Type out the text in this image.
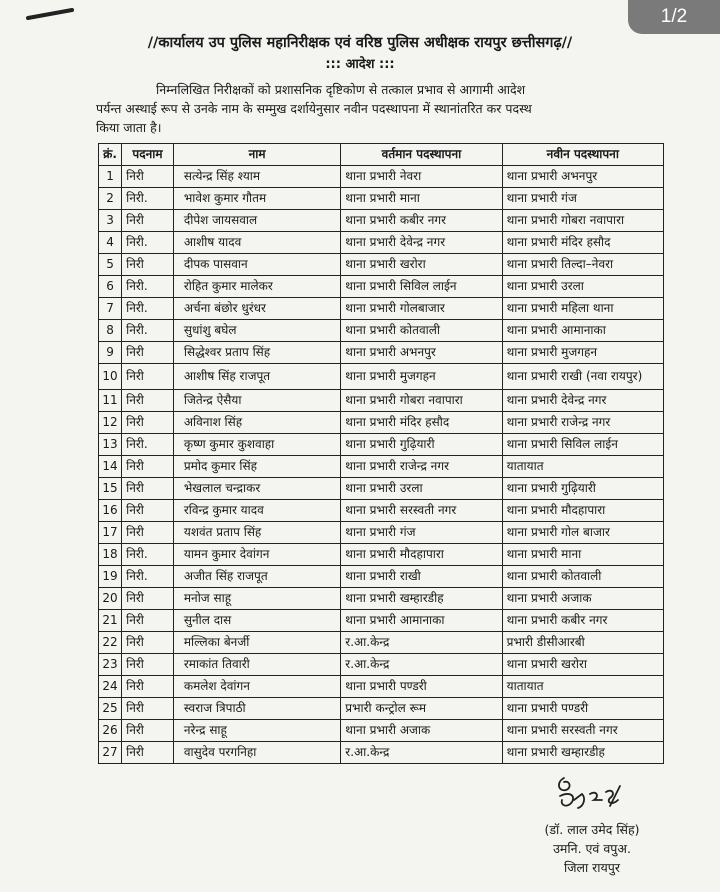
1/2
//कार्यालय उप पुलिस महानिरीक्षक एवं वरिष्ठ पुलिस अधीक्षक रायपुर छत्तीसगढ़//
::: आदेश :::
निम्नलिखित निरीक्षकों को प्रशासनिक दृष्टिकोण से तत्काल प्रभाव से आगामी आदेश
पर्यन्त अस्थाई रूप से उनके नाम के सम्मुख दर्शायेनुसार नवीन पदस्थापना में स्थानांतरित कर पदस्थ
किया जाता है।
क्रं.	पदनाम	नाम	वर्तमान पदस्थापना	नवीन पदस्थापना
1	निरी	सत्येन्द्र सिंह श्याम	थाना प्रभारी नेवरा	थाना प्रभारी अभनपुर
2	निरी.	भावेश कुमार गौतम	थाना प्रभारी माना	थाना प्रभारी गंज
3	निरी	दीपेश जायसवाल	थाना प्रभारी कबीर नगर	थाना प्रभारी गोबरा नवापारा
4	निरी.	आशीष यादव	थाना प्रभारी देवेन्द्र नगर	थाना प्रभारी मंदिर हसौद
5	निरी	दीपक पासवान	थाना प्रभारी खरोरा	थाना प्रभारी तिल्दा–नेवरा
6	निरी.	रोहित कुमार मालेकर	थाना प्रभारी सिविल लाईन	थाना प्रभारी उरला
7	निरी.	अर्चना बंछोर धुरंधर	थाना प्रभारी गोलबाजार	थाना प्रभारी महिला थाना
8	निरी.	सुधांशु बघेल	थाना प्रभारी कोतवाली	थाना प्रभारी आमानाका
9	निरी	सिद्धेश्वर प्रताप सिंह	थाना प्रभारी अभनपुर	थाना प्रभारी मुजगहन
10	निरी	आशीष सिंह राजपूत	थाना प्रभारी मुजगहन	थाना प्रभारी राखी (नवा रायपुर)
11	निरी	जितेन्द्र ऐसैया	थाना प्रभारी गोबरा नवापारा	थाना प्रभारी देवेन्द्र नगर
12	निरी	अविनाश सिंह	थाना प्रभारी मंदिर हसौद	थाना प्रभारी राजेन्द्र नगर
13	निरी.	कृष्ण कुमार कुशवाहा	थाना प्रभारी गुढ़ियारी	थाना प्रभारी सिविल लाईन
14	निरी	प्रमोद कुमार सिंह	थाना प्रभारी राजेन्द्र नगर	यातायात
15	निरी	भेखलाल चन्द्राकर	थाना प्रभारी उरला	थाना प्रभारी गुढ़ियारी
16	निरी	रविन्द्र कुमार यादव	थाना प्रभारी सरस्वती नगर	थाना प्रभारी मौदहापारा
17	निरी	यशवंत प्रताप सिंह	थाना प्रभारी गंज	थाना प्रभारी गोल बाजार
18	निरी.	यामन कुमार देवांगन	थाना प्रभारी मौदहापारा	थाना प्रभारी माना
19	निरी.	अजीत सिंह राजपूत	थाना प्रभारी राखी	थाना प्रभारी कोतवाली
20	निरी	मनोज साहू	थाना प्रभारी खम्हारडीह	थाना प्रभारी अजाक
21	निरी	सुनील दास	थाना प्रभारी आमानाका	थाना प्रभारी कबीर नगर
22	निरी	मल्लिका बेनर्जी	र.आ.केन्द्र	प्रभारी डीसीआरबी
23	निरी	रमाकांत तिवारी	र.आ.केन्द्र	थाना प्रभारी खरोरा
24	निरी	कमलेश देवांगन	थाना प्रभारी पण्डरी	यातायात
25	निरी	स्वराज त्रिपाठी	प्रभारी कन्ट्रोल रूम	थाना प्रभारी पण्डरी
26	निरी	नरेन्द्र साहू	थाना प्रभारी अजाक	थाना प्रभारी सरस्वती नगर
27	निरी	वासुदेव परगनिहा	र.आ.केन्द्र	थाना प्रभारी खम्हारडीह
(डॉ. लाल उमेद सिंह)
उमनि. एवं वपुअ.
जिला रायपुर
